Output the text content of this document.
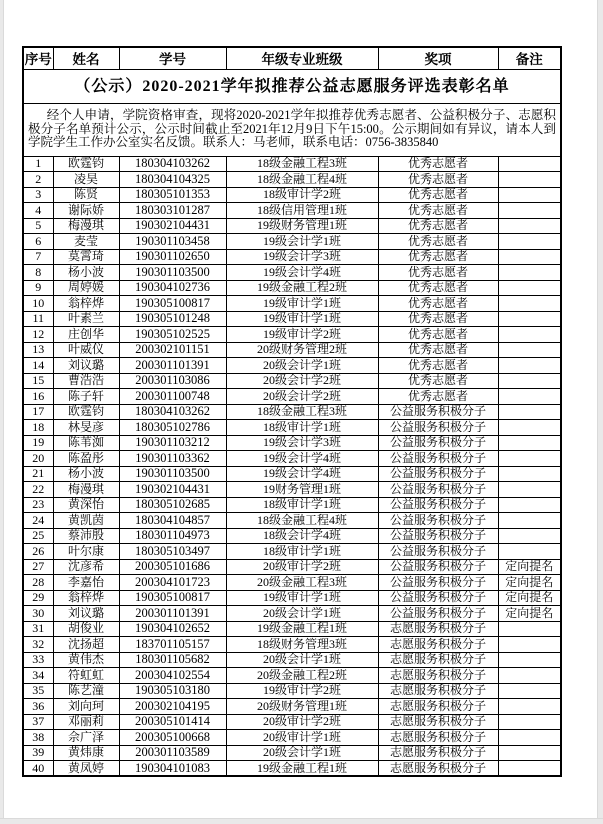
（公示）2020-2021学年拟推荐公益志愿服务评选表彰名单					

经个人申请，学院资格审查，现将2020-2021学年拟推荐优秀志愿者、公益积极分子、志愿积极分子名单预计公示，公示时间截止至2021年12月9日下午15:00。公示期间如有异议，请本人到学院学生工作办公室实名反馈。联系人：马老师，联系电话：0756-3835840					

序号	姓名	学号	年级专业班级	奖项	备注
1	欧霆钧	180304103262	18级金融工程3班	优秀志愿者	
2	凌昊	180304104325	18级金融工程4班	优秀志愿者	
3	陈贤	180305101353	18级审计学2班	优秀志愿者	
4	谢际娇	180303101287	18级信用管理1班	优秀志愿者	
5	梅漫琪	190302104431	19级财务管理1班	优秀志愿者	
6	麦莹	190301103458	19级会计学1班	优秀志愿者	
7	莫霄琦	190301102650	19级会计学3班	优秀志愿者	
8	杨小波	190301103500	19级会计学4班	优秀志愿者	
9	周婷媛	190304102736	19级金融工程2班	优秀志愿者	
10	翁梓烨	190305100817	19级审计学1班	优秀志愿者	
11	叶素兰	190305101248	19级审计学1班	优秀志愿者	
12	庄创华	190305102525	19级审计学2班	优秀志愿者	
13	叶威仪	200302101151	20级财务管理2班	优秀志愿者	
14	刘议璐	200301101391	20级会计学1班	优秀志愿者	
15	曹浩浩	200301103086	20级会计学2班	优秀志愿者	
16	陈子轩	200301100748	20级会计学2班	优秀志愿者	
17	欧霆钧	180304103262	18级金融工程3班	公益服务积极分子	
18	林旻彦	180305102786	18级审计学1班	公益服务积极分子	
19	陈苇洳	190301103212	19级会计学3班	公益服务积极分子	
20	陈盈彤	190301103362	19级会计学4班	公益服务积极分子	
21	杨小波	190301103500	19级会计学4班	公益服务积极分子	
22	梅漫琪	190302104431	19财务管理1班	公益服务积极分子	
23	黄深怡	180305102685	18级审计学1班	公益服务积极分子	
24	黄凯茵	180304104857	18级金融工程4班	公益服务积极分子	
25	蔡沛殷	180301104973	18级会计学4班	公益服务积极分子	
26	叶尔康	180305103497	18级审计学1班	公益服务积极分子	
27	沈彦希	200305101686	20级审计学2班	公益服务积极分子	定向提名
28	李嘉怡	200304101723	20级金融工程3班	公益服务积极分子	定向提名
29	翁梓烨	190305100817	19级审计学1班	公益服务积极分子	定向提名
30	刘议璐	200301101391	20级会计学1班	公益服务积极分子	定向提名
31	胡俊业	190304102652	19级金融工程1班	志愿服务积极分子	
32	沈扬超	183701105157	18级财务管理3班	志愿服务积极分子	
33	黄伟杰	180301105682	20级会计学1班	志愿服务积极分子	
34	符虹虹	200304102554	20级金融工程2班	志愿服务积极分子	
35	陈艺潼	190305103180	19级审计学2班	志愿服务积极分子	
36	刘向珂	200302104195	20级财务管理1班	志愿服务积极分子	
37	邓丽莉	200305101414	20级审计学2班	志愿服务积极分子	
38	佘广泽	200305100668	20级审计学1班	志愿服务积极分子	
39	黄炜康	200301103589	20级会计学1班	志愿服务积极分子	
40	黄凤婷	190304101083	19级金融工程1班	志愿服务积极分子	
